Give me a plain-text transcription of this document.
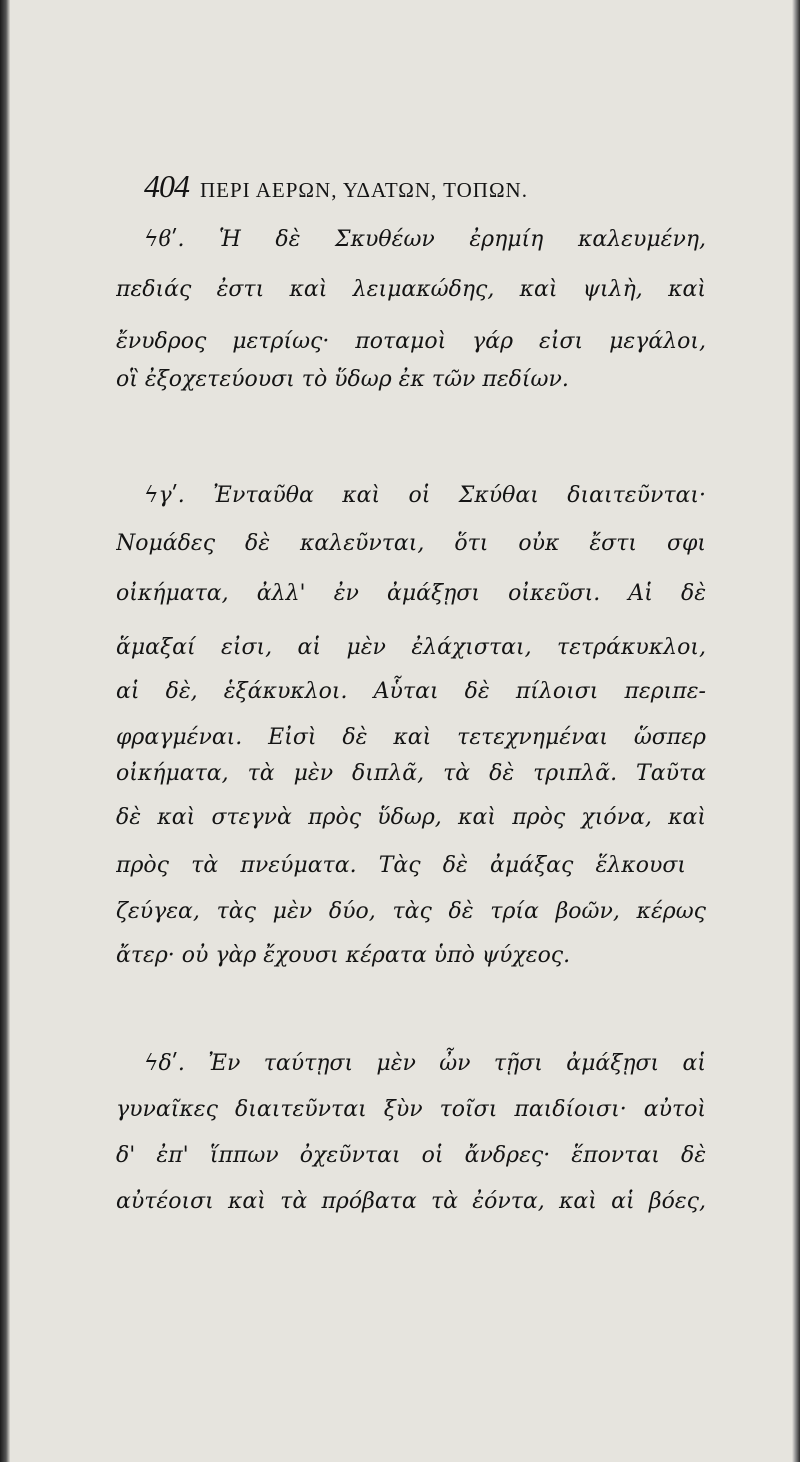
404 ΠΕΡΙ ΑΕΡΩΝ, ΥΔΑΤΩΝ, ΤΟΠΩΝ.
ϟϐʹ. Ἡ δὲ Σκυθέων ἐρημίη καλευμένη,
πεδιάς ἐστι καὶ λειμακώδης, καὶ ψιλὴ, καὶ
ἔνυδρος μετρίως· ποταμοὶ γάρ εἰσι μεγάλοι,
οἳ ἐξοχετεύουσι τὸ ὕδωρ ἐκ τῶν πεδίων.
ϟγʹ. Ἐνταῦθα καὶ οἱ Σκύθαι διαιτεῦνται·
Νομάδες δὲ καλεῦνται, ὅτι οὐκ ἔστι σφι
οἰκήματα, ἀλλ' ἐν ἀμάξῃσι οἰκεῦσι. Αἱ δὲ
ἅμαξαί εἰσι, αἱ μὲν ἐλάχισται, τετράκυκλοι,
αἱ δὲ, ἑξάκυκλοι. Αὗται δὲ πίλοισι περιπε-
φραγμέναι. Εἰσὶ δὲ καὶ τετεχνημέναι ὥσπερ
οἰκήματα, τὰ μὲν διπλᾶ, τὰ δὲ τριπλᾶ. Ταῦτα
δὲ καὶ στεγνὰ πρὸς ὕδωρ, καὶ πρὸς χιόνα, καὶ
πρὸς τὰ πνεύματα. Τὰς δὲ ἀμάξας ἕλκουσι
ζεύγεα, τὰς μὲν δύο, τὰς δὲ τρία βοῶν, κέρως
ἄτερ· οὐ γὰρ ἔχουσι κέρατα ὑπὸ ψύχεος.
ϟδʹ. Ἐν ταύτῃσι μὲν ὦν τῇσι ἀμάξῃσι αἱ
γυναῖκες διαιτεῦνται ξὺν τοῖσι παιδίοισι· αὐτοὶ
δ' ἐπ' ἵππων ὀχεῦνται οἱ ἄνδρες· ἕπονται δὲ
αὐτέοισι καὶ τὰ πρόβατα τὰ ἐόντα, καὶ αἱ βόες,
